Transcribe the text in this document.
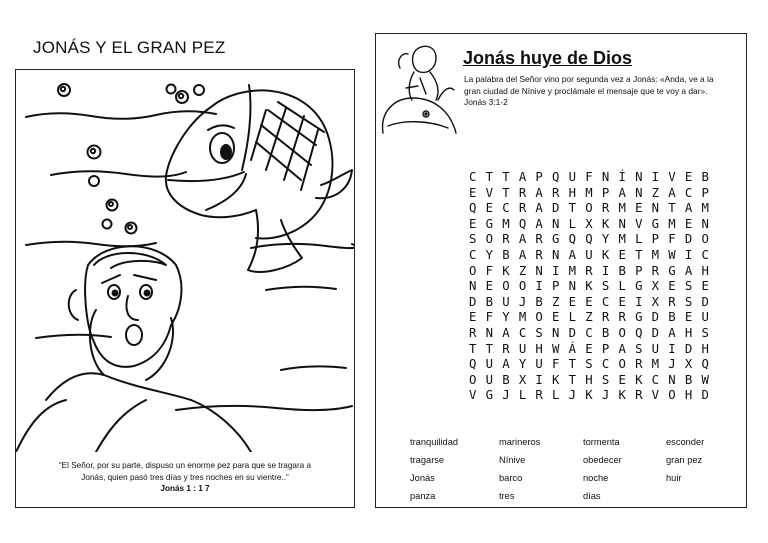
JONÁS Y EL GRAN PEZ
“El Señor, por su parte, dispuso un enorme pez para que se tragara a
Jonás, quien pasó tres días y tres noches en su vientre..”
Jonás 1 : 1 7
Jonás huye de Dios
La palabra del Señor vino por segunda vez a Jonás: «Anda, ve a la
gran ciudad de Nínive y proclámale el mensaje que te voy a dar».
Jonás 3:1-2
C T T A P Q U F N Í N I V E B
E V T R A R H M P A N Z A C P
Q E C R A D T O R M E N T A M
E G M Q A N L X K N V G M E N
S O R A R G Q Q Y M L P F D O
C Y B A R N A U K E T M W I C
O F K Z N I M R I B P R G A H
N E O O I P N K S L G X E S E
D B U J B Z E E C E I X R S D
E F Y M O E L Z R R G D B E U
R N A C S N D C B O Q D A H S
T T R U H W Á E P A S U I D H
Q U A Y U F T S C O R M J X Q
O U B X I K T H S E K C N B W
V G J L R L J K J K R V O H D
tranquilidad	marineros	tormenta	esconder
tragarse	Nínive	obedecer	gran pez
Jonás	barco	noche	huir
panza	tres	días
